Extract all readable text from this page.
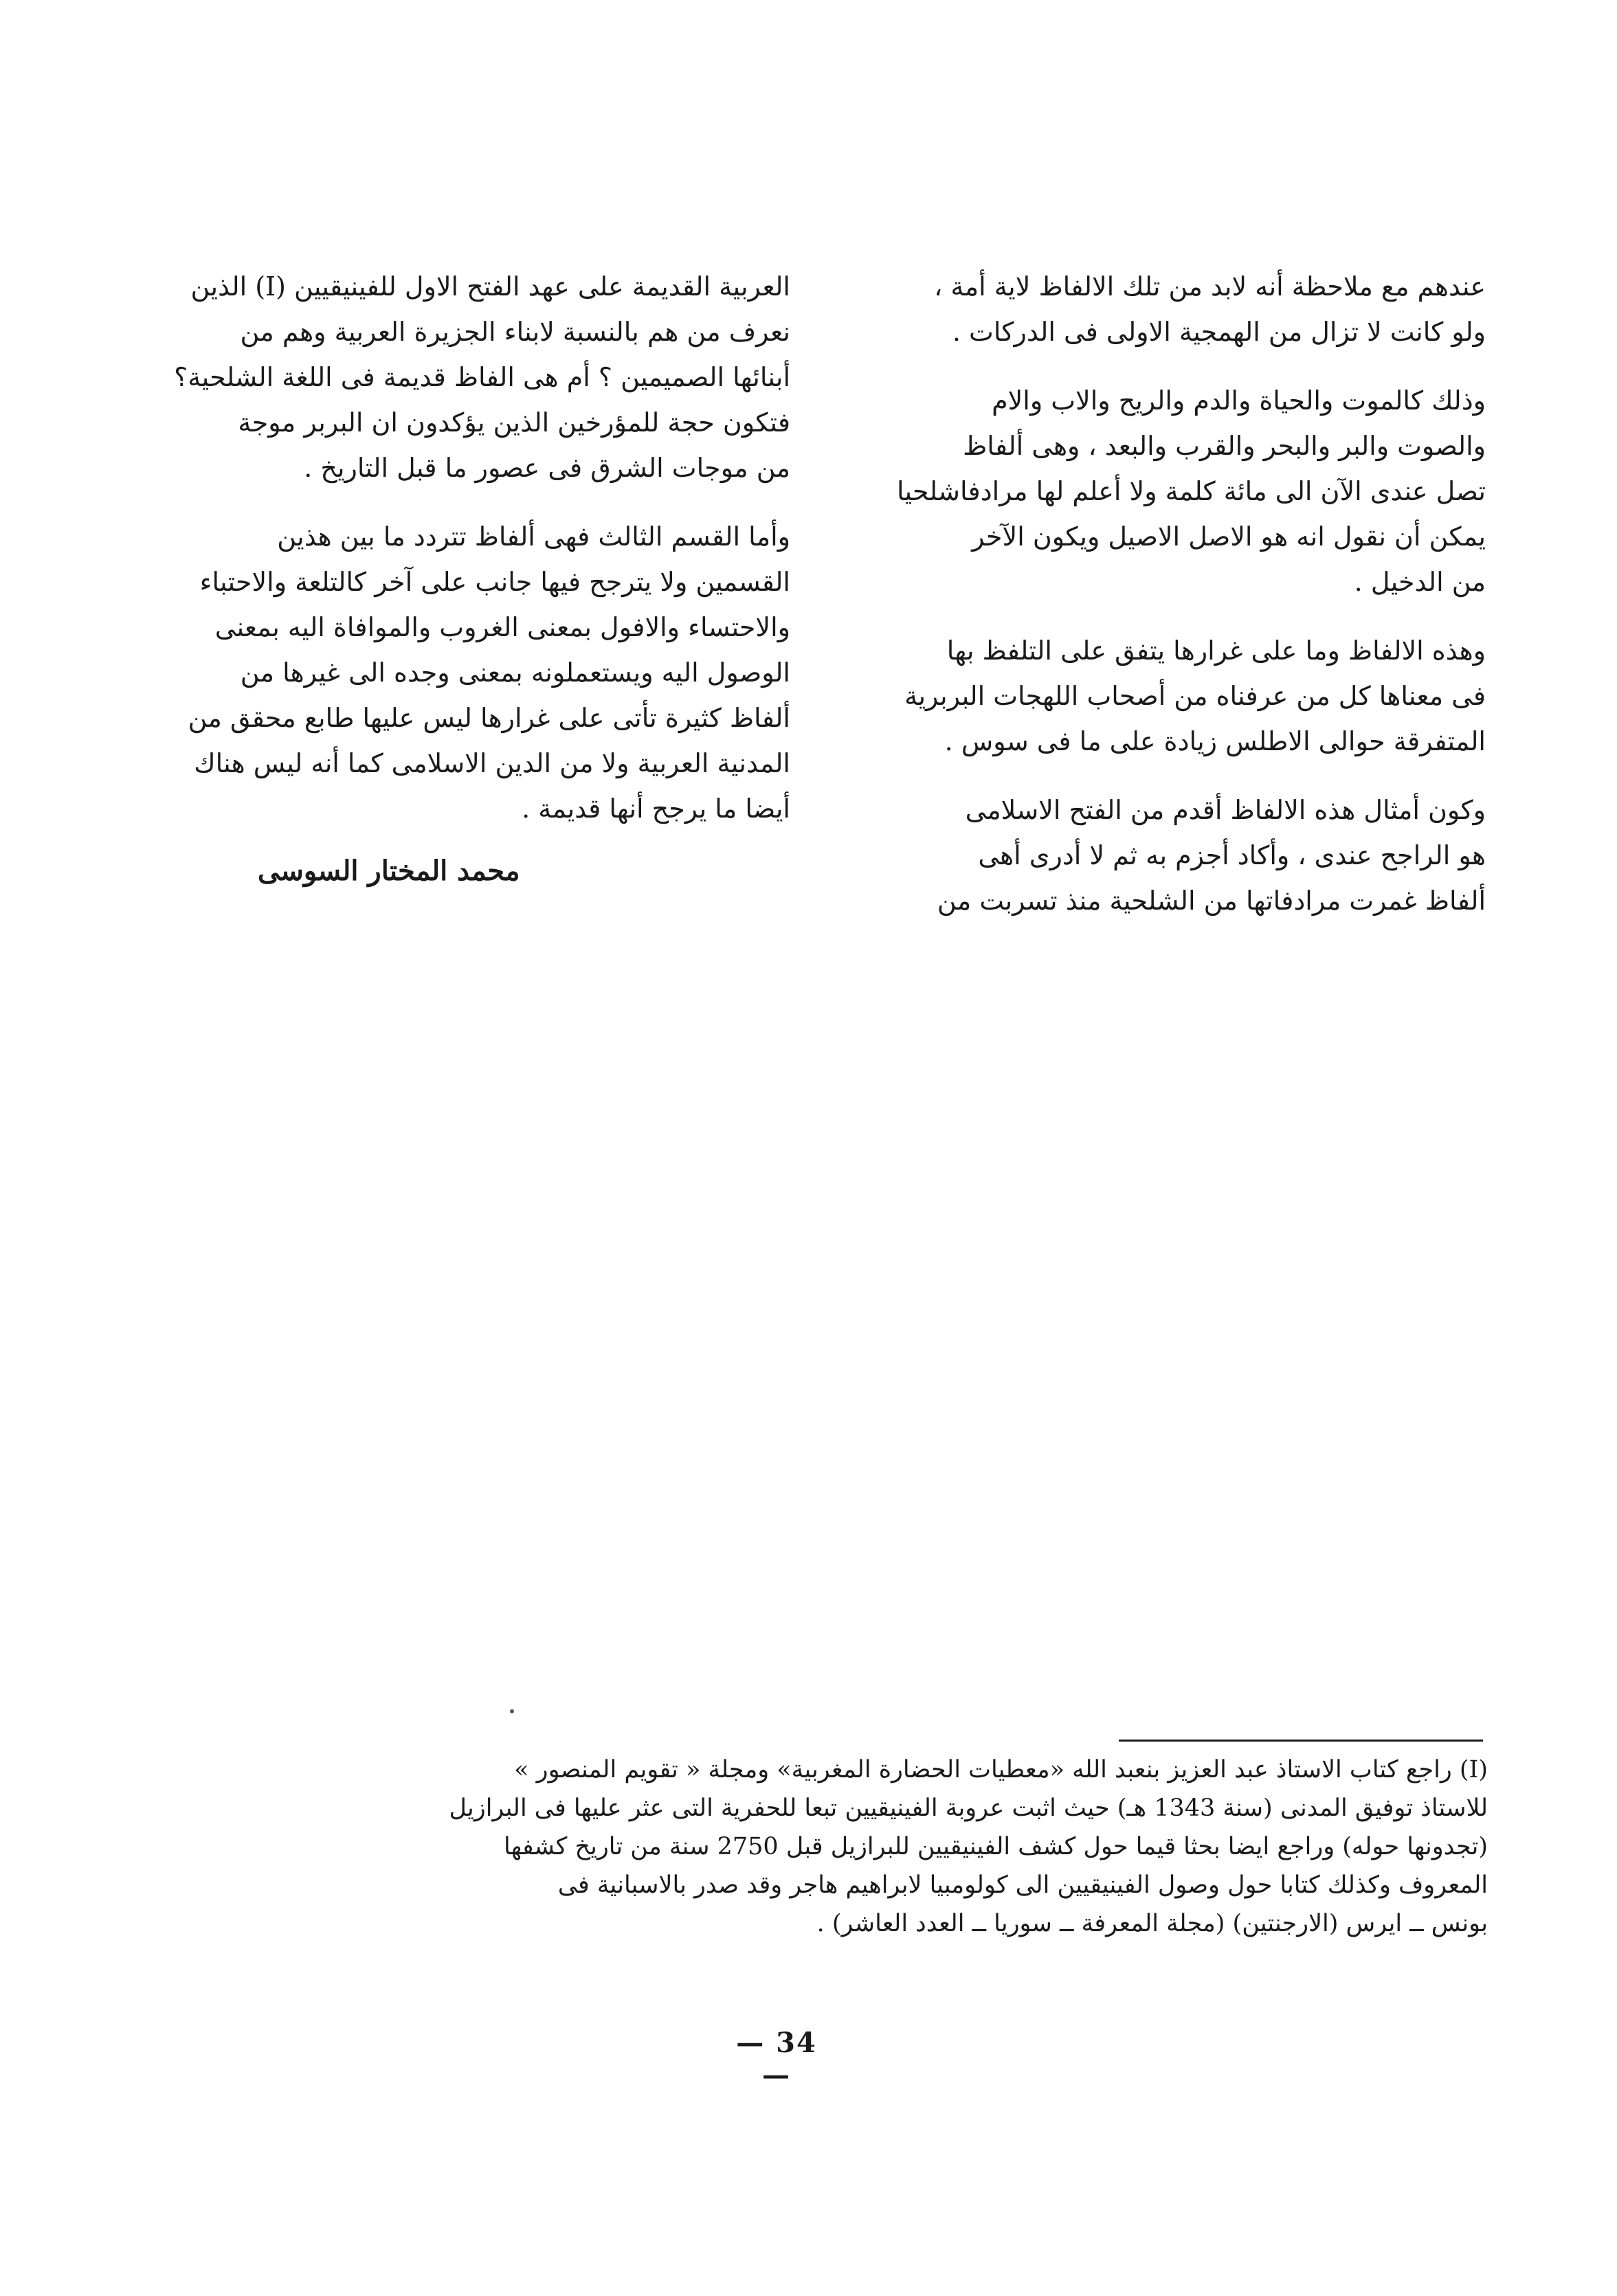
عندهم مع ملاحظة أنه لابد من تلك الالفاظ لاية أمة ،
ولو كانت لا تزال من الهمجية الاولى فى الدركات .
وذلك كالموت والحياة والدم والريح والاب والام
والصوت والبر والبحر والقرب والبعد ، وهى ألفاظ
تصل عندى الآن الى مائة كلمة ولا أعلم لها مرادفاشلحيا
يمكن أن نقول انه هو الاصل الاصيل ويكون الآخر
من الدخيل .
وهذه الالفاظ وما على غرارها يتفق على التلفظ بها
فى معناها كل من عرفناه من أصحاب اللهجات البربرية
المتفرقة حوالى الاطلس زيادة على ما فى سوس .
وكون أمثال هذه الالفاظ أقدم من الفتح الاسلامى
هو الراجح عندى ، وأكاد أجزم به ثم لا أدرى أهى
ألفاظ غمرت مرادفاتها من الشلحية منذ تسربت من
العربية القديمة على عهد الفتح الاول للفينيقيين (I) الذين
نعرف من هم بالنسبة لابناء الجزيرة العربية وهم من
أبنائها الصميمين ؟ أم هى الفاظ قديمة فى اللغة الشلحية؟
فتكون حجة للمؤرخين الذين يؤكدون ان البربر موجة
من موجات الشرق فى عصور ما قبل التاريخ .
وأما القسم الثالث فهى ألفاظ تتردد ما بين هذين
القسمين ولا يترجح فيها جانب على آخر كالتلعة والاحتباء
والاحتساء والافول بمعنى الغروب والموافاة اليه بمعنى
الوصول اليه ويستعملونه بمعنى وجده الى غيرها من
ألفاظ كثيرة تأتى على غرارها ليس عليها طابع محقق من
المدنية العربية ولا من الدين الاسلامى كما أنه ليس هناك
أيضا ما يرجح أنها قديمة .
محمد المختار السوسى
(I) راجع كتاب الاستاذ عبد العزيز بنعبد الله «معطيات الحضارة المغربية» ومجلة « تقويم المنصور »
للاستاذ توفيق المدنى (سنة 1343 هـ) حيث اثبت عروبة الفينيقيين تبعا للحفرية التى عثر عليها فى البرازيل
(تجدونها حوله) وراجع ايضا بحثا قيما حول كشف الفينيقيين للبرازيل قبل 2750 سنة من تاريخ كشفها
المعروف وكذلك كتابا حول وصول الفينيقيين الى كولومبيا لابراهيم هاجر وقد صدر بالاسبانية فى
بونس ــ ايرس (الارجنتين) (مجلة المعرفة ــ سوريا ــ العدد العاشر) .
— 34 —
